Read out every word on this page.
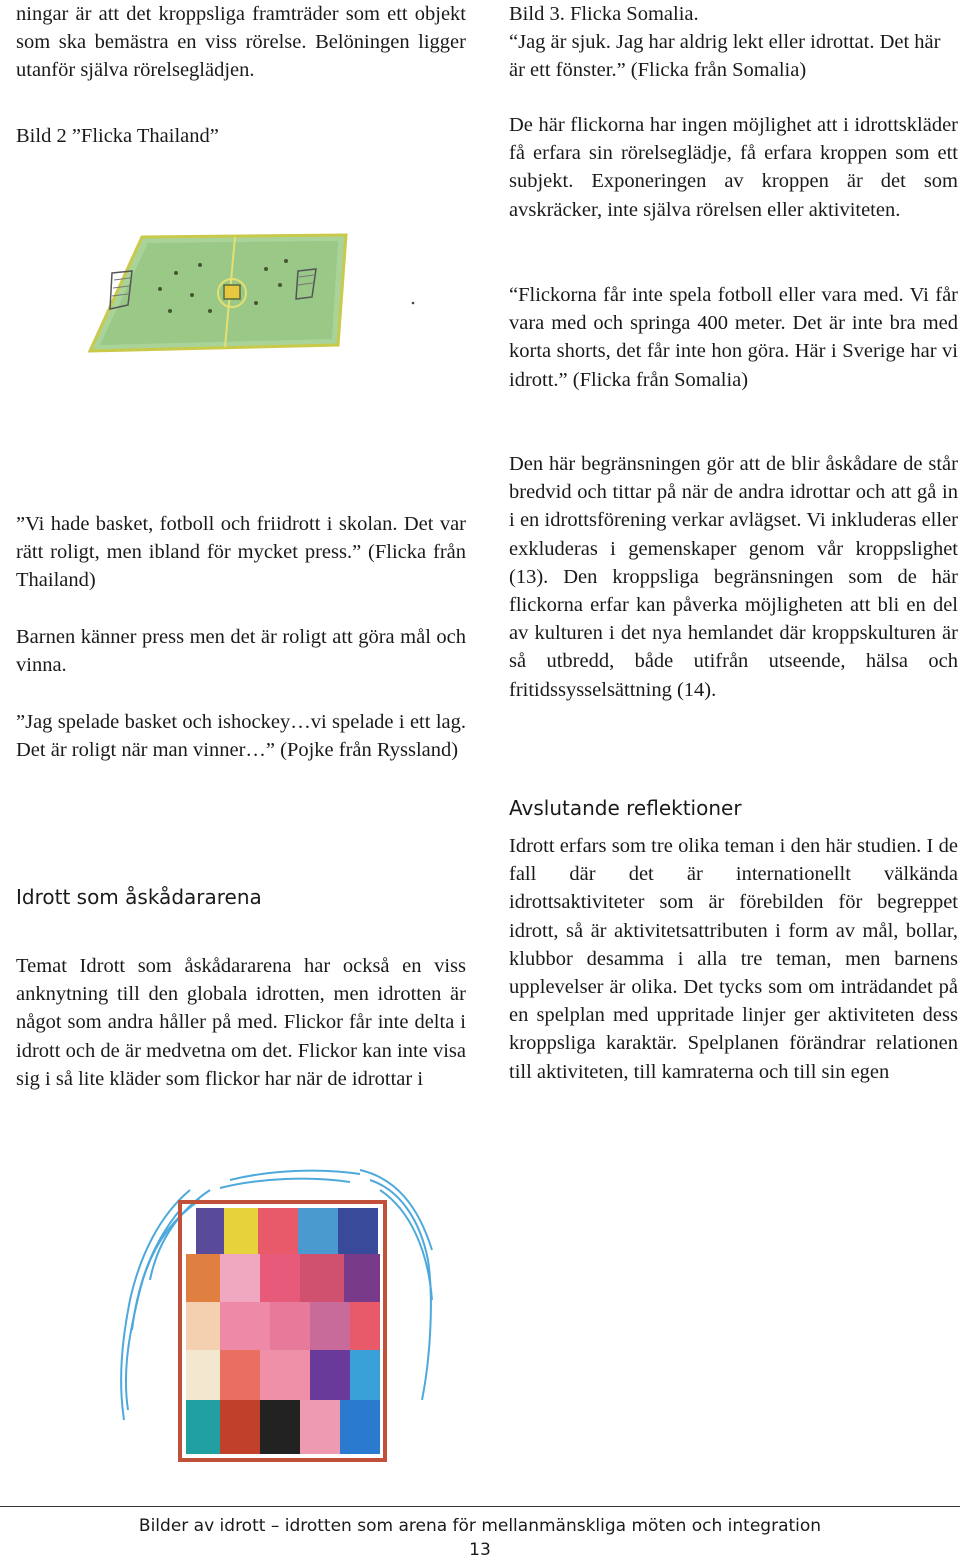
ningar är att det kroppsliga framträder som ett objekt som ska bemästra en viss rörelse. Belöningen ligger utanför själva rörelseglädjen.

Bild 2 ”Flicka Thailand”

”Vi hade basket, fotboll och friidrott i skolan. Det var rätt roligt, men ibland för mycket press.” (Flicka från Thailand)

Barnen känner press men det är roligt att göra mål och vinna.

”Jag spelade basket och ishockey…vi spelade i ett lag. Det är roligt när man vinner…” (Pojke från Ryssland)

Idrott som åskådararena

Temat Idrott som åskådararena har också en viss anknytning till den globala idrotten, men idrotten är något som andra håller på med. Flickor får inte delta i idrott och de är medvetna om det. Flickor kan inte visa sig i så lite kläder som flickor har när de idrottar i

Bild 3. Flicka Somalia.

“Jag är sjuk. Jag har aldrig lekt eller idrottat. Det här är ett fönster.” (Flicka från Somalia)

De här flickorna har ingen möjlighet att i idrottskläder få erfara sin rörelseglädje, få erfara kroppen som ett subjekt. Exponeringen av kroppen är det som avskräcker, inte själva rörelsen eller aktiviteten.

“Flickorna får inte spela fotboll eller vara med. Vi får vara med och springa 400 meter. Det är inte bra med korta shorts, det får inte hon göra. Här i Sverige har vi idrott.” (Flicka från Somalia)

Den här begränsningen gör att de blir åskådare de står bredvid och tittar på när de andra idrottar och att gå in i en idrottsförening verkar avlägset. Vi inkluderas eller exkluderas i gemenskaper genom vår kroppslighet (13). Den kroppsliga begränsningen som de här flickorna erfar kan påverka möjligheten att bli en del av kulturen i det nya hemlandet där kroppskulturen är så utbredd, både utifrån utseende, hälsa och fritidssysselsättning (14).

Avslutande reflektioner

Idrott erfars som tre olika teman i den här studien. I de fall där det är internationellt välkända idrottsaktiviteter som är förebilden för begreppet idrott, så är aktivitetsattributen i form av mål, bollar, klubbor desamma i alla tre teman, men barnens upplevelser är olika. Det tycks som om inträdandet på en spelplan med uppritade linjer ger aktiviteten dess kroppsliga karaktär. Spelplanen förändrar relationen till aktiviteten, till kamraterna och till sin egen

Bilder av idrott – idrotten som arena för mellanmänskliga möten och integration
13
